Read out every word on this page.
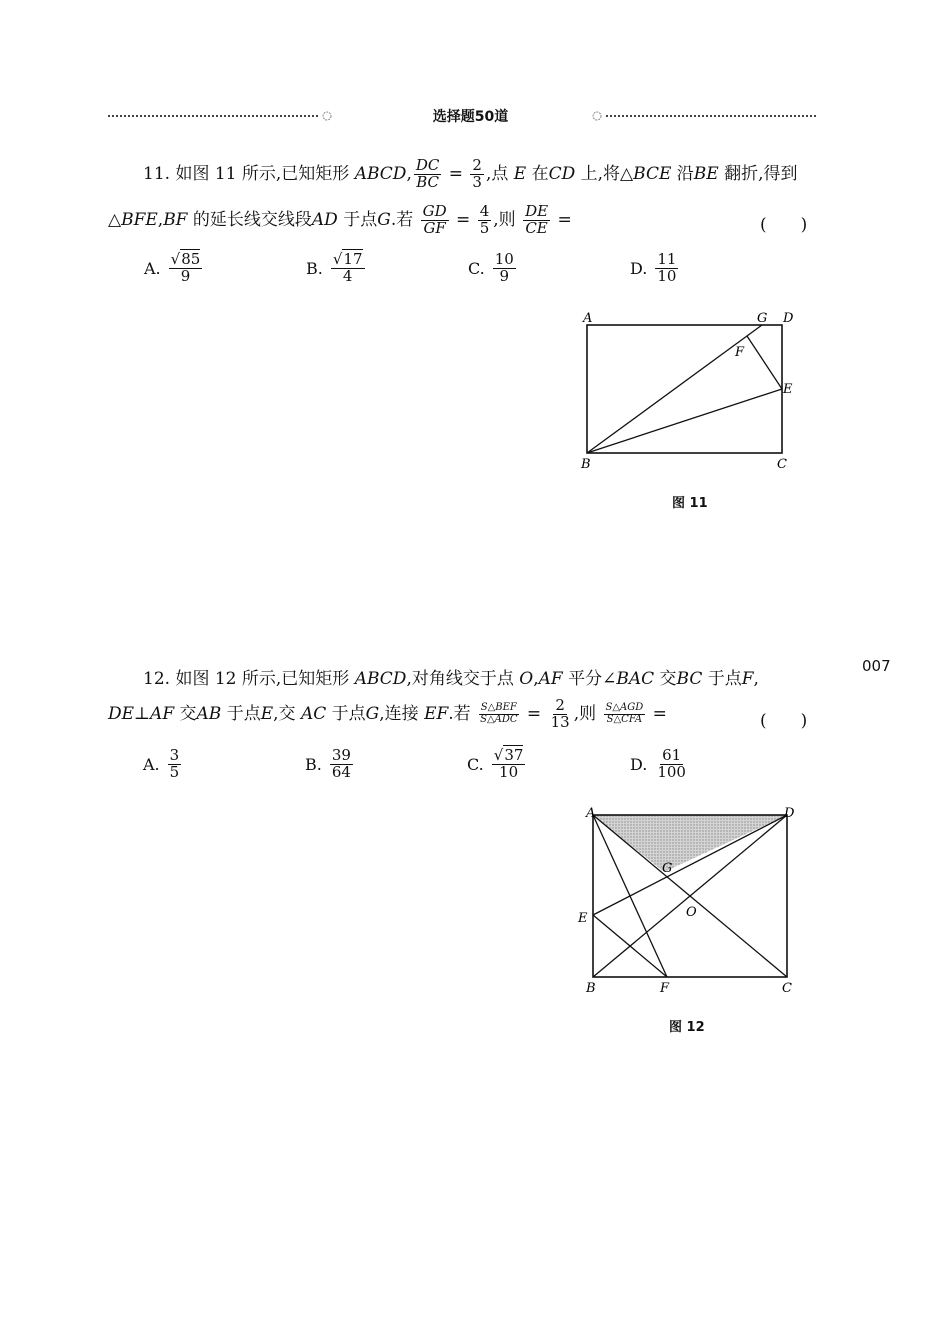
选择题50道
007
11. 如图 11 所示,已知矩形 ABCD, $\frac{DC}{BC} = \frac{2}{3}$ ,点 E 在CD 上,将△BCE 沿BE 翻折,得到
△BFE,BF 的延长线交线段AD 于点G.若 $\frac{GD}{GF} = \frac{4}{5}$ ,则 $\frac{DE}{CE}$ =	(　　)
A. $\frac{√85}{9}$	B. $\frac{√17}{4}$	C. $\frac{10}{9}$	D. $\frac{11}{10}$
A	G D
F
E
B	C
图 11
12. 如图 12 所示,已知矩形 ABCD,对角线交于点 O,AF 平分∠BAC 交BC 于点F,
DE⊥AF 交AB 于点E,交 AC 于点G,连接 EF.若 $\frac{\text{S△BEF}}{\text{S△ADC}} = \frac{2}{13}$ ,则 $\frac{\text{S△AGD}}{\text{S△CFA}}$ =	(　　)
A. $\frac{3}{5}$	B. $\frac{39}{64}$	C. $\frac{√37}{10}$	D. $\frac{61}{100}$
A	D
G
O
E
B	F	C
图 12
